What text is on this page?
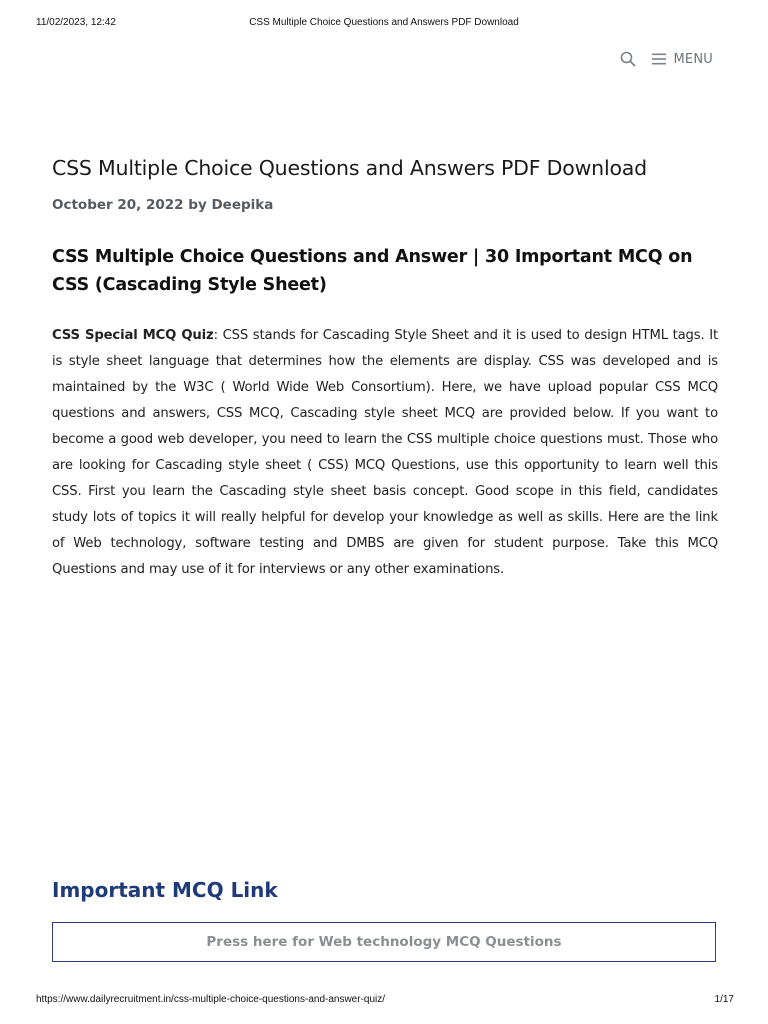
11/02/2023, 12:42	CSS Multiple Choice Questions and Answers PDF Download
MENU
CSS Multiple Choice Questions and Answers PDF Download
October 20, 2022 by Deepika
CSS Multiple Choice Questions and Answer | 30 Important MCQ on CSS (Cascading Style Sheet)

CSS Special MCQ Quiz: CSS stands for Cascading Style Sheet and it is used to design HTML tags. It is style sheet language that determines how the elements are display. CSS was developed and is maintained by the W3C ( World Wide Web Consortium). Here, we have upload popular CSS MCQ questions and answers, CSS MCQ, Cascading style sheet MCQ are provided below. If you want to become a good web developer, you need to learn the CSS multiple choice questions must. Those who are looking for Cascading style sheet ( CSS) MCQ Questions, use this opportunity to learn well this CSS. First you learn the Cascading style sheet basis concept. Good scope in this field, candidates study lots of topics it will really helpful for develop your knowledge as well as skills. Here are the link of Web technology, software testing and DMBS are given for student purpose. Take this MCQ Questions and may use of it for interviews or any other examinations.

Important MCQ Link
Press here for Web technology MCQ Questions
https://www.dailyrecruitment.in/css-multiple-choice-questions-and-answer-quiz/	1/17
